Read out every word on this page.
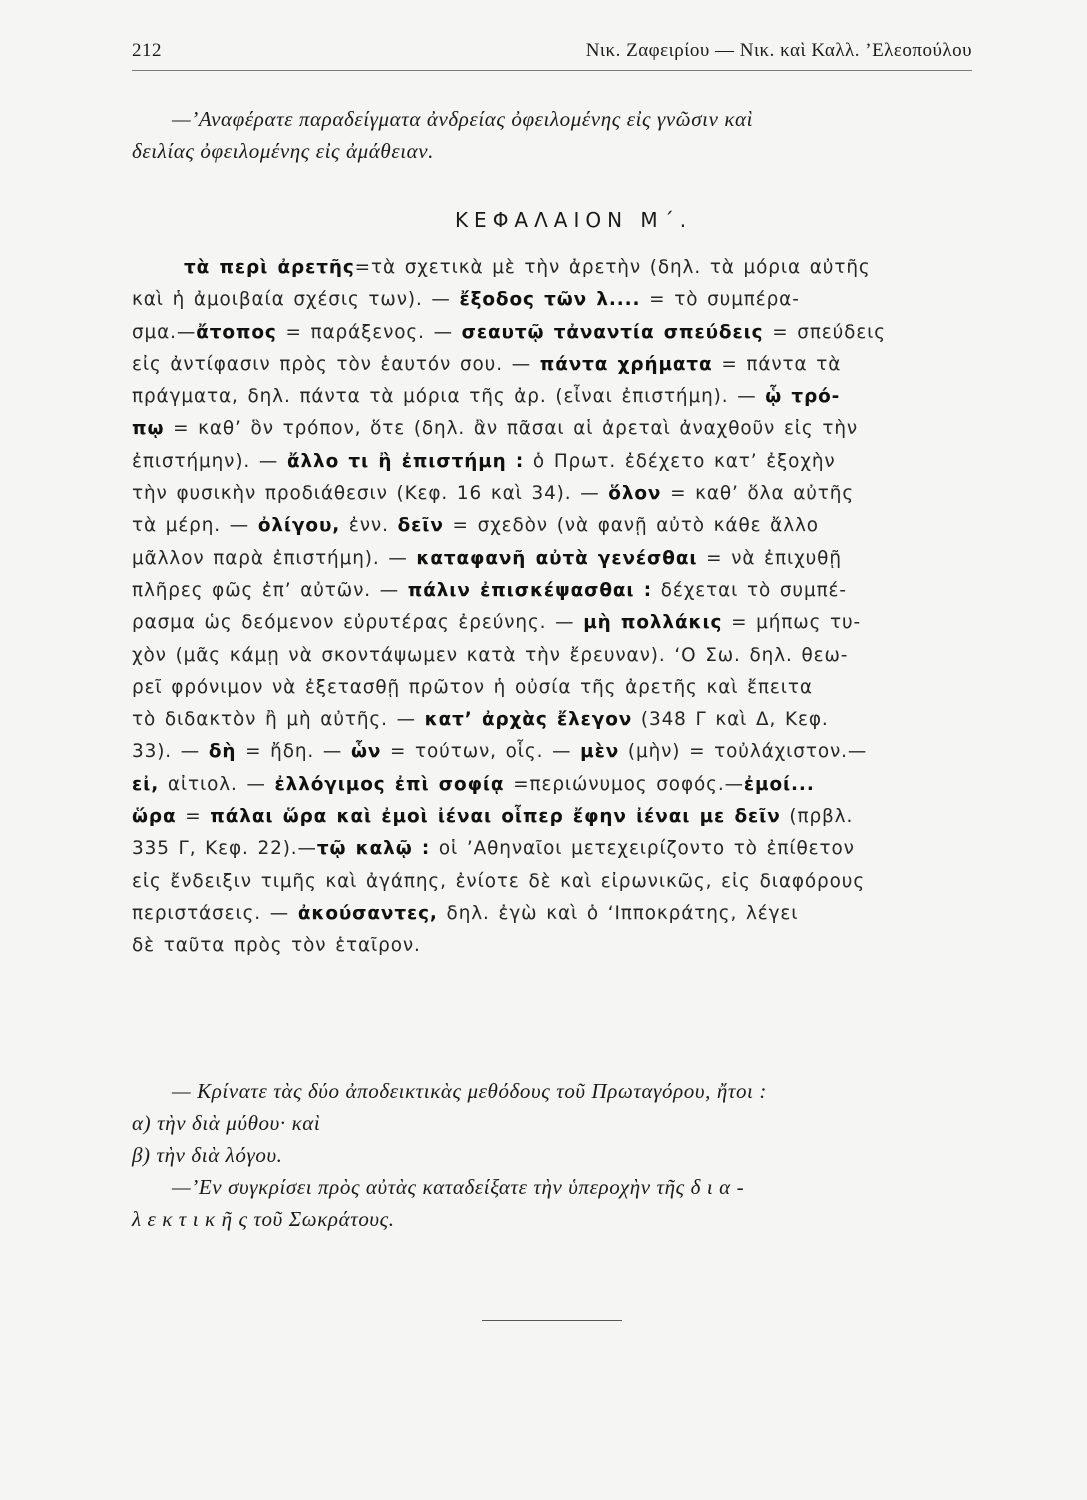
212	Νικ. Ζαφειρίου — Νικ. καὶ Καλλ. ’Ελεοπούλου
—’Αναφέρατε παραδείγματα ἀνδρείας ὀφειλομένης εἰς γνῶσιν καὶ
δειλίας ὀφειλομένης εἰς ἀμάθειαν.
ΚΕΦΑΛΑΙΟΝ Μ΄.
τὰ περὶ ἀρετῆς=τὰ σχετικὰ μὲ τὴν ἀρετὴν (δηλ. τὰ μόρια αὐτῆς
καὶ ἡ ἀμοιβαία σχέσις των). — ἔξοδος τῶν λ.... = τὸ συμπέρα-
σμα.—ἄτοπος = παράξενος. — σεαυτῷ τἀναντία σπεύδεις = σπεύδεις
εἰς ἀντίφασιν πρὸς τὸν ἑαυτόν σου. — πάντα χρήματα = πάντα τὰ
πράγματα, δηλ. πάντα τὰ μόρια τῆς ἀρ. (εἶναι ἐπιστήμη). — ᾧ τρό-
πῳ = καθ’ ὃν τρόπον, ὅτε (δηλ. ἂν πᾶσαι αἱ ἀρεταὶ ἀναχθοῦν εἰς τὴν
ἐπιστήμην). — ἄλλο τι ἢ ἐπιστήμη : ὁ Πρωτ. ἐδέχετο κατ’ ἐξοχὴν
τὴν φυσικὴν προδιάθεσιν (Κεφ. 16 καὶ 34). — ὅλον = καθ’ ὅλα αὐτῆς
τὰ μέρη. — ὀλίγου, ἐνν. δεῖν = σχεδὸν (νὰ φανῇ αὐτὸ κάθε ἄλλο
μᾶλλον παρὰ ἐπιστήμη). — καταφανῆ αὐτὰ γενέσθαι = νὰ ἐπιχυθῇ
πλῆρες φῶς ἐπ’ αὐτῶν. — πάλιν ἐπισκέψασθαι : δέχεται τὸ συμπέ-
ρασμα ὡς δεόμενον εὐρυτέρας ἐρεύνης. — μὴ πολλάκις = μήπως τυ-
χὸν (μᾶς κάμῃ νὰ σκοντάψωμεν κατὰ τὴν ἔρευναν). ‘Ο Σω. δηλ. θεω-
ρεῖ φρόνιμον νὰ ἐξετασθῇ πρῶτον ἡ οὐσία τῆς ἀρετῆς καὶ ἔπειτα
τὸ διδακτὸν ἢ μὴ αὐτῆς. — κατ’ ἀρχὰς ἔλεγον (348 Γ καὶ Δ, Κεφ.
33). — δὴ = ἤδη. — ὧν = τούτων, οἷς. — μὲν (μὴν) = τοὐλάχιστον.—
εἰ, αἰτιολ. — ἐλλόγιμος ἐπὶ σοφίᾳ =περιώνυμος σοφός.—ἐμοί...
ὥρα = πάλαι ὥρα καὶ ἐμοὶ ἰέναι οἷπερ ἔφην ἰέναι με δεῖν (πρβλ.
335 Γ, Κεφ. 22).—τῷ καλῷ : οἱ ’Αθηναῖοι μετεχειρίζοντο τὸ ἐπίθετον
εἰς ἔνδειξιν τιμῆς καὶ ἀγάπης, ἐνίοτε δὲ καὶ εἰρωνικῶς, εἰς διαφόρους
περιστάσεις. — ἀκούσαντες, δηλ. ἐγὼ καὶ ὁ ‘Ιπποκράτης, λέγει
δὲ ταῦτα πρὸς τὸν ἑταῖρον.
— Κρίνατε τὰς δύο ἀποδεικτικὰς μεθόδους τοῦ Πρωταγόρου, ἤτοι :
α) τὴν διὰ μύθου· καὶ
β) τὴν διὰ λόγου.
—’Εν συγκρίσει πρὸς αὐτὰς καταδείξατε τὴν ὑπεροχὴν τῆς δ ι α -
λ ε κ τ ι κ ῆ ς τοῦ Σωκράτους.
